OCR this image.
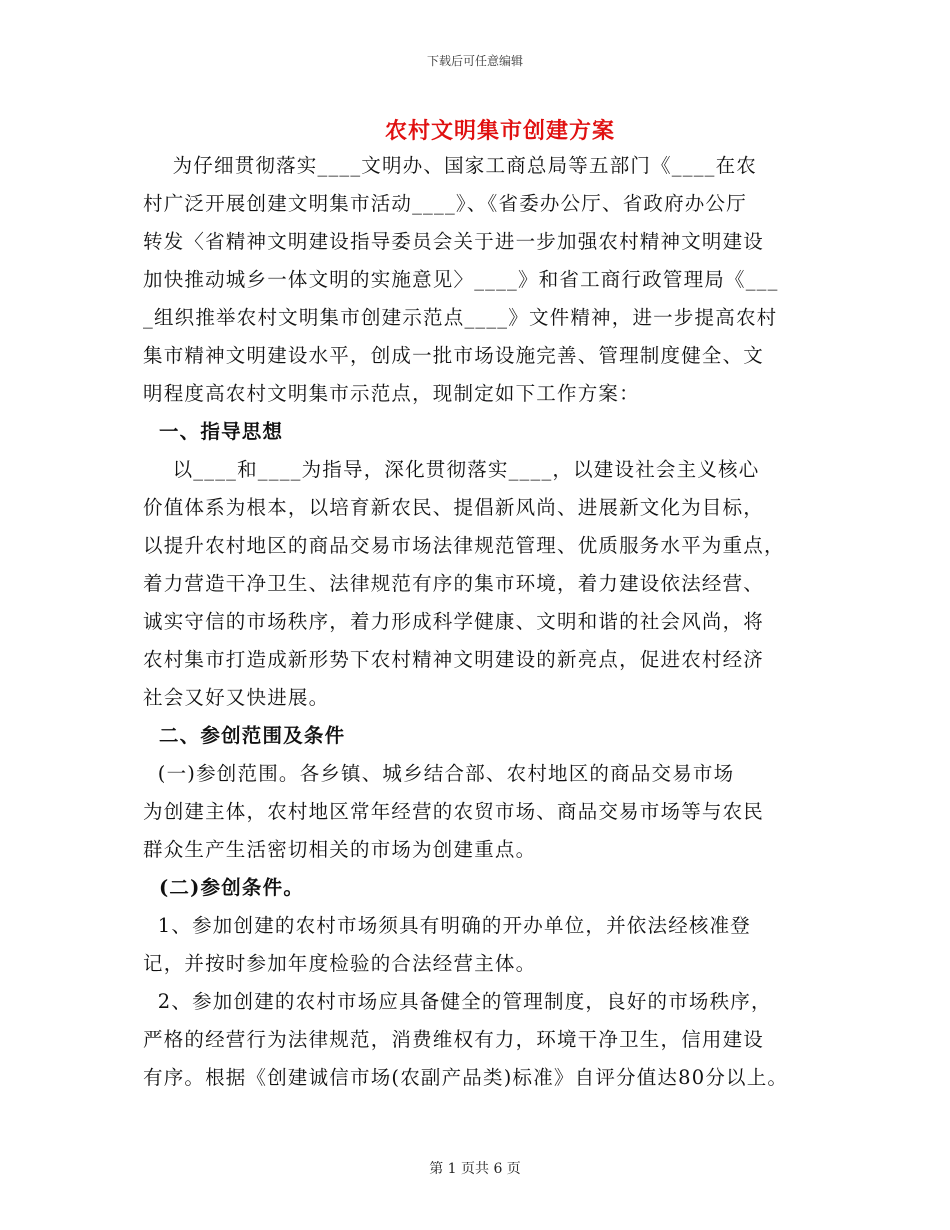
下载后可任意编辑
农村文明集市创建方案
为仔细贯彻落实____文明办、国家工商总局等五部门《____在农
村广泛开展创建文明集市活动____》、《省委办公厅、省政府办公厅
转发〈省精神文明建设指导委员会关于进一步加强农村精神文明建设
加快推动城乡一体文明的实施意见〉____》和省工商行政管理局《___
_组织推举农村文明集市创建示范点____》文件精神，进一步提高农村
集市精神文明建设水平，创成一批市场设施完善、管理制度健全、文
明程度高农村文明集市示范点，现制定如下工作方案：
一、指导思想
以____和____为指导，深化贯彻落实____，以建设社会主义核心
价值体系为根本，以培育新农民、提倡新风尚、进展新文化为目标，
以提升农村地区的商品交易市场法律规范管理、优质服务水平为重点，
着力营造干净卫生、法律规范有序的集市环境，着力建设依法经营、
诚实守信的市场秩序，着力形成科学健康、文明和谐的社会风尚，将
农村集市打造成新形势下农村精神文明建设的新亮点，促进农村经济
社会又好又快进展。
二、参创范围及条件
(一)参创范围。各乡镇、城乡结合部、农村地区的商品交易市场
为创建主体，农村地区常年经营的农贸市场、商品交易市场等与农民
群众生产生活密切相关的市场为创建重点。
(二)参创条件。
1、参加创建的农村市场须具有明确的开办单位，并依法经核准登
记，并按时参加年度检验的合法经营主体。
2、参加创建的农村市场应具备健全的管理制度，良好的市场秩序，
严格的经营行为法律规范，消费维权有力，环境干净卫生，信用建设
有序。根据《创建诚信市场(农副产品类)标准》自评分值达80分以上。
第 1 页共 6 页
